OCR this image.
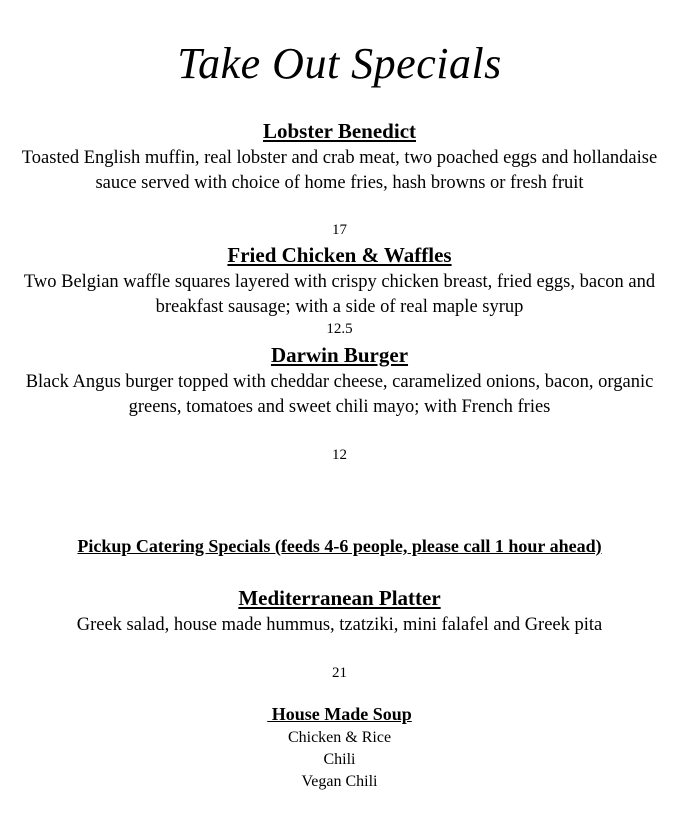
Take Out Specials
Lobster Benedict
Toasted English muffin, real lobster and crab meat, two poached eggs and hollandaise sauce served with choice of home fries, hash browns or fresh fruit
17
Fried Chicken & Waffles
Two Belgian waffle squares layered with crispy chicken breast, fried eggs, bacon and breakfast sausage; with a side of real maple syrup
12.5
Darwin Burger
Black Angus burger topped with cheddar cheese, caramelized onions, bacon, organic greens, tomatoes and sweet chili mayo; with French fries
12
Pickup Catering Specials (feeds 4-6 people, please call 1 hour ahead)
Mediterranean Platter
Greek salad, house made hummus, tzatziki, mini falafel and Greek pita
21
House Made Soup
Chicken & Rice
Chili
Vegan Chili
